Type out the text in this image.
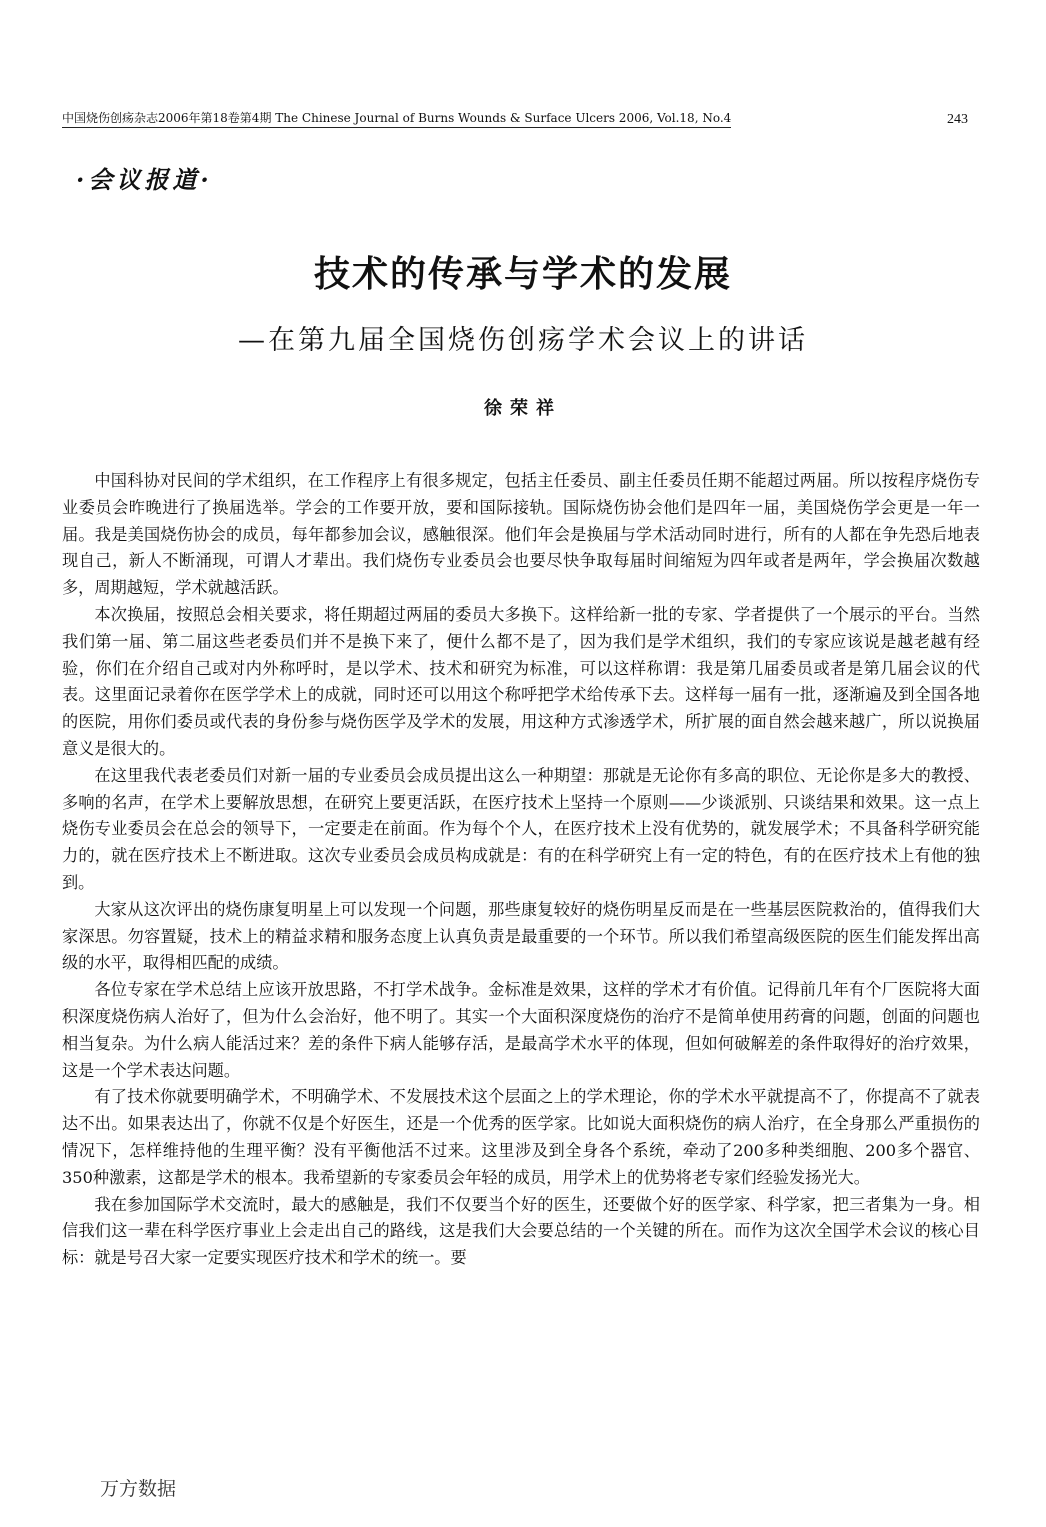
中国烧伤创疡杂志2006年第18卷第4期 The Chinese Journal of Burns Wounds & Surface Ulcers 2006, Vol.18, No.4	243
·会议报道·
技术的传承与学术的发展
—在第九届全国烧伤创疡学术会议上的讲话
徐荣祥

中国科协对民间的学术组织，在工作程序上有很多规定，包括主任委员、副主任委员任期不能超过两届。所以按程序烧伤专业委员会昨晚进行了换届选举。学会的工作要开放，要和国际接轨。国际烧伤协会他们是四年一届，美国烧伤学会更是一年一届。我是美国烧伤协会的成员，每年都参加会议，感触很深。他们年会是换届与学术活动同时进行，所有的人都在争先恐后地表现自己，新人不断涌现，可谓人才辈出。我们烧伤专业委员会也要尽快争取每届时间缩短为四年或者是两年，学会换届次数越多，周期越短，学术就越活跃。

本次换届，按照总会相关要求，将任期超过两届的委员大多换下。这样给新一批的专家、学者提供了一个展示的平台。当然我们第一届、第二届这些老委员们并不是换下来了，便什么都不是了，因为我们是学术组织，我们的专家应该说是越老越有经验，你们在介绍自己或对内外称呼时，是以学术、技术和研究为标准，可以这样称谓：我是第几届委员或者是第几届会议的代表。这里面记录着你在医学学术上的成就，同时还可以用这个称呼把学术给传承下去。这样每一届有一批，逐渐遍及到全国各地的医院，用你们委员或代表的身份参与烧伤医学及学术的发展，用这种方式渗透学术，所扩展的面自然会越来越广，所以说换届意义是很大的。

在这里我代表老委员们对新一届的专业委员会成员提出这么一种期望：那就是无论你有多高的职位、无论你是多大的教授、多响的名声，在学术上要解放思想，在研究上要更活跃，在医疗技术上坚持一个原则——少谈派别、只谈结果和效果。这一点上烧伤专业委员会在总会的领导下，一定要走在前面。作为每个个人，在医疗技术上没有优势的，就发展学术；不具备科学研究能力的，就在医疗技术上不断进取。这次专业委员会成员构成就是：有的在科学研究上有一定的特色，有的在医疗技术上有他的独到。

大家从这次评出的烧伤康复明星上可以发现一个问题，那些康复较好的烧伤明星反而是在一些基层医院救治的，值得我们大家深思。勿容置疑，技术上的精益求精和服务态度上认真负责是最重要的一个环节。所以我们希望高级医院的医生们能发挥出高级的水平，取得相匹配的成绩。

各位专家在学术总结上应该开放思路，不打学术战争。金标准是效果，这样的学术才有价值。记得前几年有个厂医院将大面积深度烧伤病人治好了，但为什么会治好，他不明了。其实一个大面积深度烧伤的治疗不是简单使用药膏的问题，创面的问题也相当复杂。为什么病人能活过来？差的条件下病人能够存活，是最高学术水平的体现，但如何破解差的条件取得好的治疗效果，这是一个学术表达问题。

有了技术你就要明确学术，不明确学术、不发展技术这个层面之上的学术理论，你的学术水平就提高不了，你提高不了就表达不出。如果表达出了，你就不仅是个好医生，还是一个优秀的医学家。比如说大面积烧伤的病人治疗，在全身那么严重损伤的情况下，怎样维持他的生理平衡？没有平衡他活不过来。这里涉及到全身各个系统，牵动了200多种类细胞、200多个器官、350种激素，这都是学术的根本。我希望新的专家委员会年轻的成员，用学术上的优势将老专家们经验发扬光大。

我在参加国际学术交流时，最大的感触是，我们不仅要当个好的医生，还要做个好的医学家、科学家，把三者集为一身。相信我们这一辈在科学医疗事业上会走出自己的路线，这是我们大会要总结的一个关键的所在。而作为这次全国学术会议的核心目标：就是号召大家一定要实现医疗技术和学术的统一。要

万方数据
